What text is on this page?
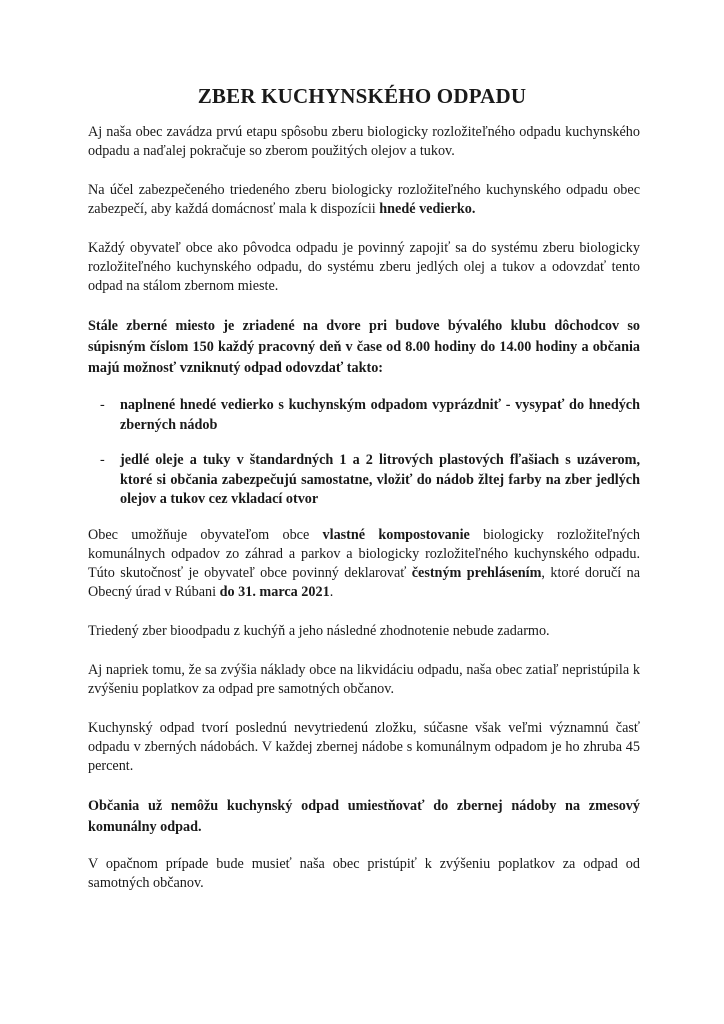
ZBER KUCHYNSKÉHO ODPADU

Aj naša obec zavádza prvú etapu spôsobu zberu biologicky rozložiteľného odpadu kuchynského odpadu a naďalej pokračuje so zberom použitých olejov a tukov.

Na účel zabezpečeného triedeného zberu biologicky rozložiteľného kuchynského odpadu obec zabezpečí, aby každá domácnosť mala k dispozícii hnedé vedierko.

Každý obyvateľ obce ako pôvodca odpadu je povinný zapojiť sa do systému zberu biologicky rozložiteľného kuchynského odpadu, do systému zberu jedlých olej a tukov a odovzdať tento odpad na stálom zbernom mieste.

Stále zberné miesto je zriadené na dvore pri budove bývalého klubu dôchodcov so súpisným číslom 150 každý pracovný deň v čase od 8.00 hodiny do 14.00 hodiny a občania majú možnosť vzniknutý odpad odovzdať takto:

- naplnené hnedé vedierko s kuchynským odpadom vyprázdniť - vysypať do hnedých zberných nádob
- jedlé oleje a tuky v štandardných 1 a 2 litrových plastových fľašiach s uzáverom, ktoré si občania zabezpečujú samostatne, vložiť do nádob žltej farby na zber jedlých olejov a tukov cez vkladací otvor

Obec umožňuje obyvateľom obce vlastné kompostovanie biologicky rozložiteľných komunálnych odpadov zo záhrad a parkov a biologicky rozložiteľného kuchynského odpadu. Túto skutočnosť je obyvateľ obce povinný deklarovať čestným prehlásením, ktoré doručí na Obecný úrad v Rúbani do 31. marca 2021.

Triedený zber bioodpadu z kuchýň a jeho následné zhodnotenie nebude zadarmo.

Aj napriek tomu, že sa zvýšia náklady obce na likvidáciu odpadu, naša obec zatiaľ nepristúpila k zvýšeniu poplatkov za odpad pre samotných občanov.

Kuchynský odpad tvorí poslednú nevytriedenú zložku, súčasne však veľmi významnú časť odpadu v zberných nádobách. V každej zbernej nádobe s komunálnym odpadom je ho zhruba 45 percent.

Občania už nemôžu kuchynský odpad umiestňovať do zbernej nádoby na zmesový komunálny odpad.

V opačnom prípade bude musieť naša obec pristúpiť k zvýšeniu poplatkov za odpad od samotných občanov.
